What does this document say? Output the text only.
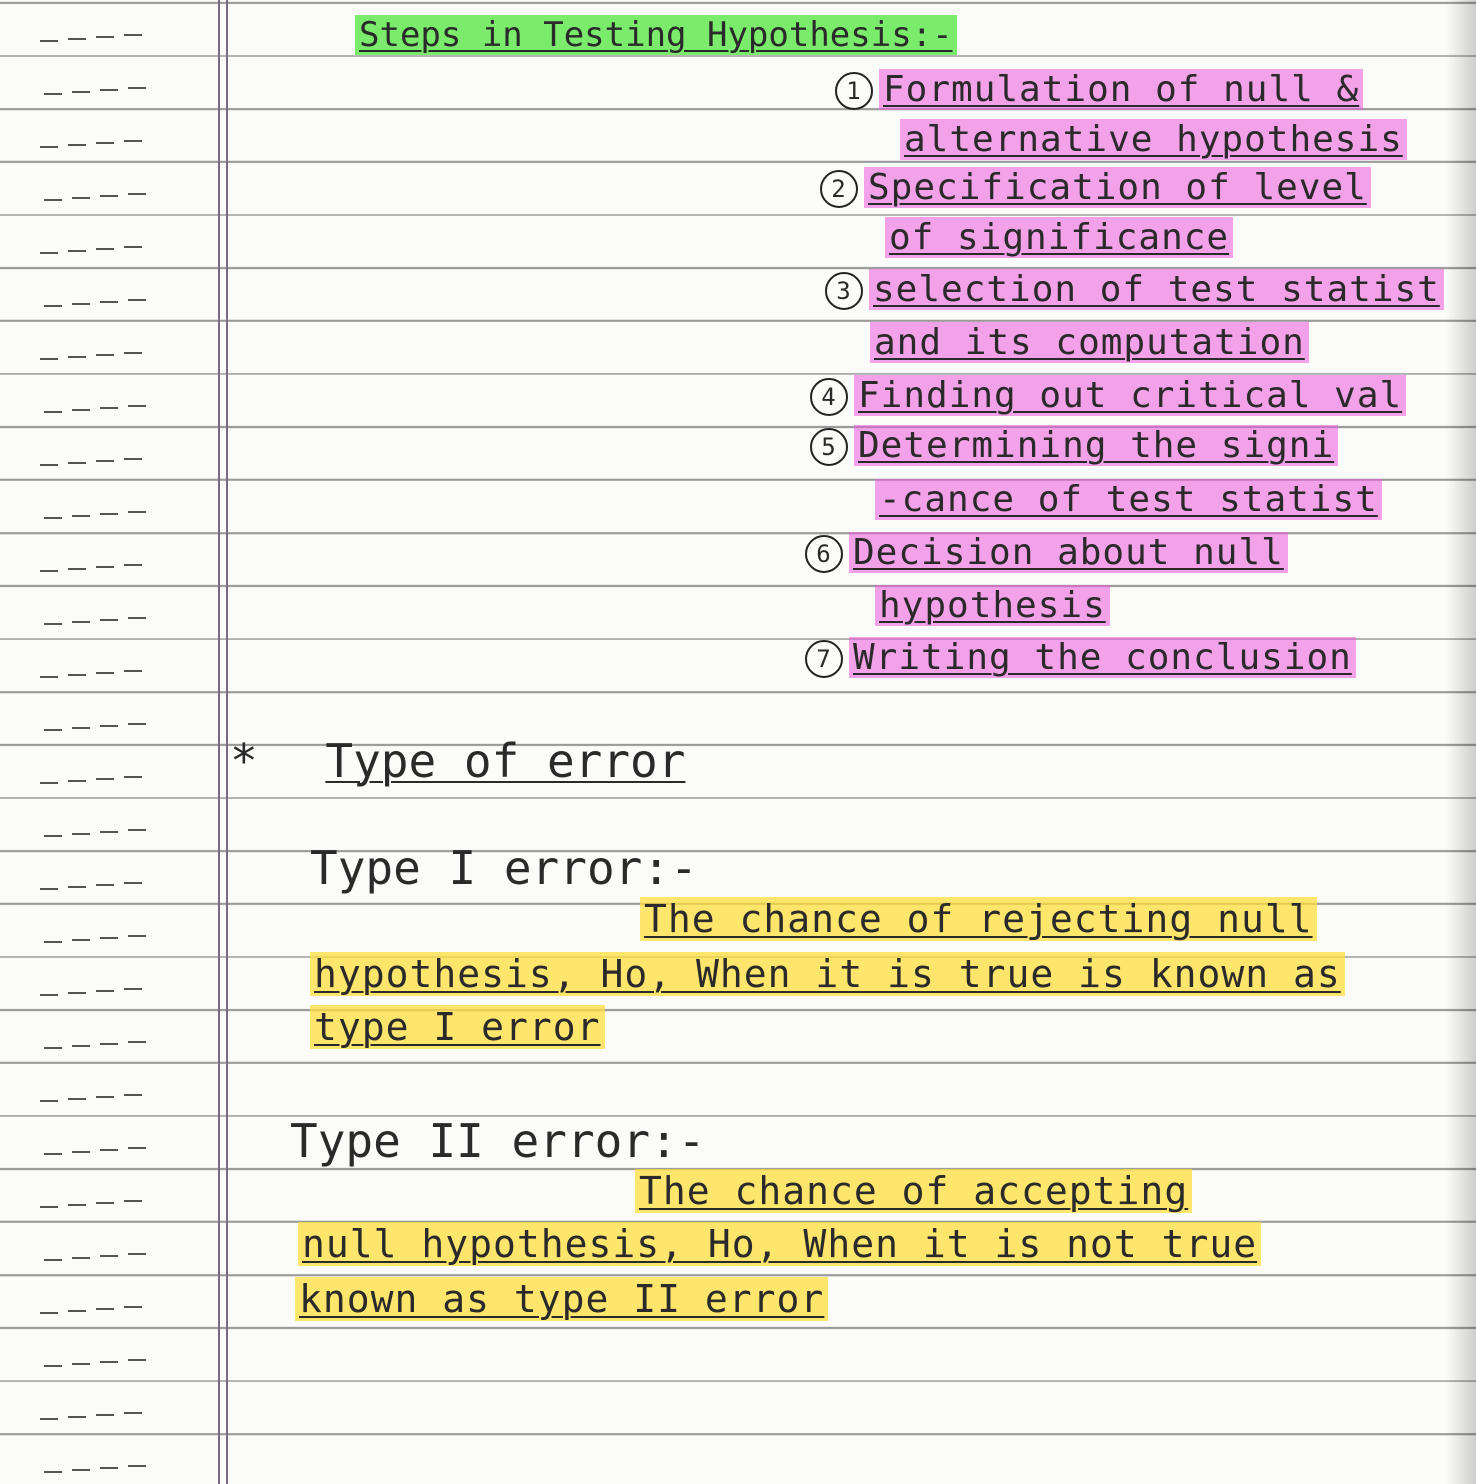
Steps in Testing Hypothesis:-
1 Formulation of null &
alternative hypothesis
2 Specification of level
of significance
3 selection of test statist
and its computation
4 Finding out critical val
5 Determining the signi
-cance of test statist
6 Decision about null
hypothesis
7 Writing the conclusion
* Type of error
Type I error:-
The chance of rejecting null
hypothesis, Ho, When it is true is known as
type I error
Type II error:-
The chance of accepting
null hypothesis, Ho, When it is not true
known as type II error
